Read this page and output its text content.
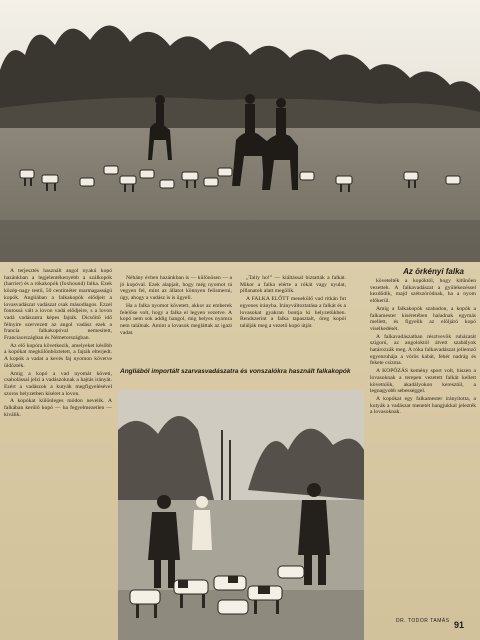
Az örkényi falka

A terjesztés használt angol nyakú kopó hazánkban a legjelentékenyebb a szálkopók (harrier) és a rókakopók (foxhound) falka. Ezek közép-nagy testű, 50 centiméter marmagasságú kopók. Angliában a falkakopók elődjeit a lovasvadászat vadászat csak másodlagos. Ezzel fontossá vált a lovon vadá elődjeire, s a lovon vadá vadászatra képes fajták. Dicsőítő idő félnyire szervezett az angol vadász ezek a francia falkakopóval nemesített, Franciaországban és Németországban.

Az elő kopóra következik, amelyeket később a kopókat megkülönböztetett, a fajták elterjedt. A kopók a vadat a kevés faj nyomon követve üldözték.

Amig a kopó a vad nyomát követi, csaholással jelzi a vadászoknak a hajtás irányát. Ezért a vadászok a kutyák megfigyelésével szoros helyzetben kíséret a lovon.

A kopókat különleges módon nevelik. A falkában kerülő kopó — ha fegyelmezetlen — kiválik.

Néhány évben hazánkban is — különösen — a jó kopóval. Ezek alapjait, hogy még nyomot rá vegyen fel, mint az állatot könnyen felismerni, úgy, ahogy a vadász is is ügyeli.

Ha a falka nyomot követett, akkor az emberek felelőse volt, hogy a falka el legyen vezetve. A kopó nem sok addig hangol, mig helyes nyomra nem találnak. Amint a lovasok megláttak az igazi vadat.

„Tally ho!” — kiáltással biztatták a falkát. Mikor a falka elérte a rókát vagy nyulat, pillanatok alatt megölik.

A FALKA ELŐTT menekülő vad ritkán fut egyenes irányba. Irányváltoztatása a falkát és a lovasokat gyakran bontja ki helyzetükben. Rendszerint a falka tapasztalt, öreg kopói találják meg a vezető kopó útját.

követelték a kopóktól, hogy kitűnően vezettek. A falkavadászat a gyülekezéssel kezdődik, majd szétszóródnak, ha a nyom előkerül.

Amíg a falkakopók szabadon, a kopók a falkamester kíséretében haladnak egymás mellett, és figyelik az elöljáró kopó viselkedését.

A falkavadászatban résztvevők ruházatát szigorú, az angoloktól átvett szabályok határozzák meg. A róka falkavadászat jellemző egyenruhája a vörös kabát, fehér nadrág és fekete csizma.

A KOPÓZÁS kemény sport volt, hiszen a lovasoknak a terepen vezetett falkát kellett követniük, akadályokon keresztül, a legnagyobb sebességgel.

A kopókat egy falkamester irányította, a kutyák a vadászat menetét hangjukkal jelezték a lovasoknak.

Angliából importált szarvasvadászatra és vonszalókra használt falkakopók
DR. TODOR TAMÁS 91
